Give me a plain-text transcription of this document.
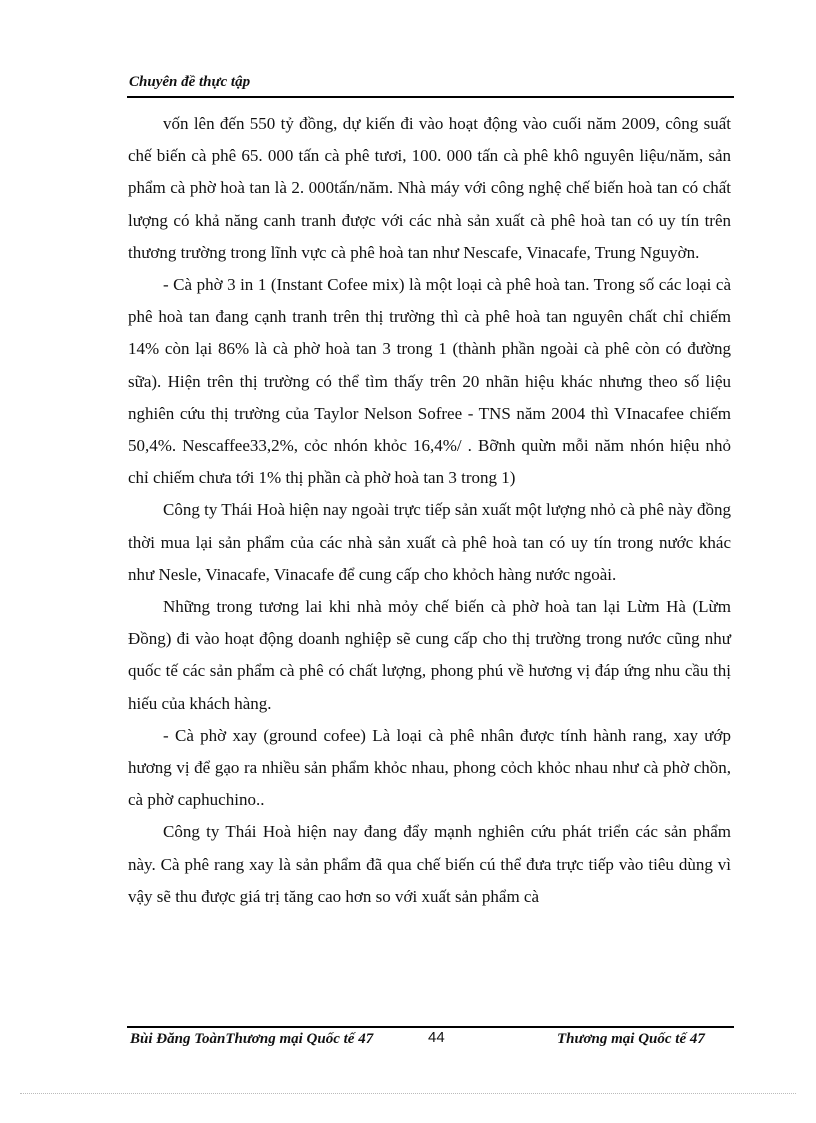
Chuyên đề thực tập

vốn lên đến 550 tỷ đồng, dự kiến đi vào hoạt động vào cuối năm 2009, công suất chế biến cà phê 65. 000 tấn cà phê tươi, 100. 000 tấn cà phê khô nguyên liệu/năm, sản phẩm cà phờ hoà tan là 2. 000tấn/năm. Nhà máy với công nghệ chế biến hoà tan có chất lượng có khả năng canh tranh được với các nhà sản xuất cà phê hoà tan có uy tín trên thương trường trong lĩnh vực cà phê hoà tan như Nescafe, Vinacafe, Trung Nguyờn.

- Cà phờ 3 in 1 (Instant Cofee mix) là một loại cà phê hoà tan. Trong số các loại cà phê hoà tan đang cạnh tranh trên thị trường thì cà phê hoà tan nguyên chất chỉ chiếm 14% còn lại 86% là cà phờ hoà tan 3 trong 1 (thành phần ngoài cà phê còn có đường sữa). Hiện trên thị trường có thể tìm thấy trên 20 nhãn hiệu khác nhưng theo số liệu nghiên cứu thị trường của Taylor Nelson Sofree - TNS năm 2004 thì VInacafee chiếm 50,4%. Nescaffee33,2%, cỏc nhón khỏc 16,4%/ . Bỡnh quừn mỗi năm nhón hiệu nhỏ chỉ chiếm chưa tới 1% thị phần cà phờ hoà tan 3 trong 1)

Công ty Thái Hoà hiện nay ngoài trực tiếp sản xuất một lượng nhỏ cà phê này đồng thời mua lại sản phẩm của các nhà sản xuất cà phê hoà tan có uy tín trong nước khác như Nesle, Vinacafe, Vinacafe để cung cấp cho khỏch hàng nước ngoài.

Những trong tương lai khi nhà mỏy chế biến cà phờ hoà tan lại Lừm Hà (Lừm Đồng) đi vào hoạt động doanh nghiệp sẽ cung cấp cho thị trường trong nước cũng như quốc tế các sản phẩm cà phê có chất lượng, phong phú về hương vị đáp ứng nhu cầu thị hiếu của khách hàng.

- Cà phờ xay (ground cofee) Là loại cà phê nhân được tính hành rang, xay ướp hương vị để gạo ra nhiều sản phẩm khỏc nhau, phong cỏch khỏc nhau như cà phờ chồn, cà phờ caphuchino..

Công ty Thái Hoà hiện nay đang đẩy mạnh nghiên cứu phát triển các sản phẩm này. Cà phê rang xay là sản phẩm đã qua chế biến cú thể đưa trực tiếp vào tiêu dùng vì vậy sẽ thu được giá trị tăng cao hơn so với xuất sản phẩm cà

Bùi Đăng ToànThương mại Quốc tế 47	44	Thương mại Quốc tế 47
